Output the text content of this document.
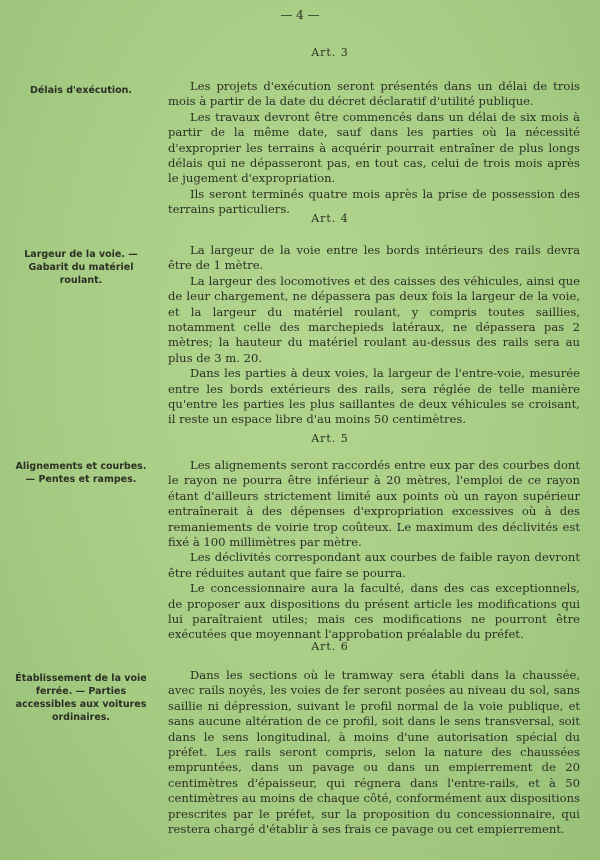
— 4 —
Art. 3
Délais d'exécution.	Les projets d'exécution seront présentés dans un délai de trois mois à partir de la date du décret déclaratif d'utilité publique.

Les travaux devront être commencés dans un délai de six mois à partir de la même date, sauf dans les parties où la nécessité d'exproprier les terrains à acquérir pourrait entraîner de plus longs délais qui ne dépasseront pas, en tout cas, celui de trois mois après le jugement d'expropriation.

Ils seront terminés quatre mois après la prise de possession des terrains particuliers.

Art. 4
Largeur de la voie. — Gabarit du matériel roulant.

La largeur de la voie entre les bords intérieurs des rails devra être de 1 mètre.

La largeur des locomotives et des caisses des véhicules, ainsi que de leur chargement, ne dépassera pas deux fois la largeur de la voie, et la largeur du matériel roulant, y compris toutes saillies, notamment celle des marchepieds latéraux, ne dépassera pas 2 mètres; la hauteur du matériel roulant au-dessus des rails sera au plus de 3 m. 20.

Dans les parties à deux voies, la largeur de l'entre-voie, mesurée entre les bords extérieurs des rails, sera réglée de telle manière qu'entre les parties les plus saillantes de deux véhicules se croisant, il reste un espace libre d'au moins 50 centimètres.

Art. 5
Alignements et courbes. — Pentes et rampes.

Les alignements seront raccordés entre eux par des courbes dont le rayon ne pourra être inférieur à 20 mètres, l'emploi de ce rayon étant d'ailleurs strictement limité aux points où un rayon supérieur entraînerait à des dépenses d'expropriation excessives où à des remaniements de voirie trop coûteux. Le maximum des déclivités est fixé à 100 millimètres par mètre.

Les déclivités correspondant aux courbes de faible rayon devront être réduites autant que faire se pourra.

Le concessionnaire aura la faculté, dans des cas exceptionnels, de proposer aux dispositions du présent article les modifications qui lui paraîtraient utiles; mais ces modifications ne pourront être exécutées que moyennant l'approbation préalable du préfet.

Art. 6
Établissement de la voie ferrée. — Parties accessibles aux voitures ordinaires.

Dans les sections où le tramway sera établi dans la chaussée, avec rails noyés, les voies de fer seront posées au niveau du sol, sans saillie ni dépression, suivant le profil normal de la voie publique, et sans aucune altération de ce profil, soit dans le sens transversal, soit dans le sens longitudinal, à moins d'une autorisation spécial du préfet. Les rails seront compris, selon la nature des chaussées empruntées, dans un pavage ou dans un empierrement de 20 centimètres d'épaisseur, qui régnera dans l'entre-rails, et à 50 centimètres au moins de chaque côté, conformément aux dispositions prescrites par le préfet, sur la proposition du concessionnaire, qui restera chargé d'établir à ses frais ce pavage ou cet empierrement.
